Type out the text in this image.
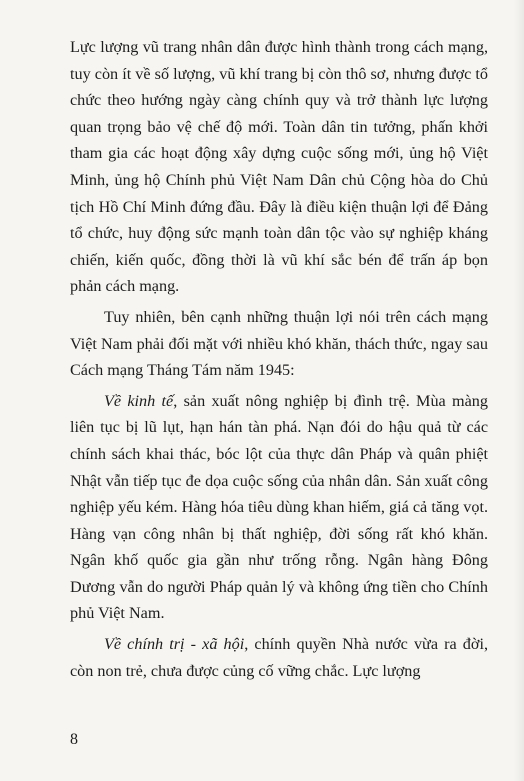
Lực lượng vũ trang nhân dân được hình thành trong cách mạng, tuy còn ít về số lượng, vũ khí trang bị còn thô sơ, nhưng được tổ chức theo hướng ngày càng chính quy và trở thành lực lượng quan trọng bảo vệ chế độ mới. Toàn dân tin tưởng, phấn khởi tham gia các hoạt động xây dựng cuộc sống mới, ủng hộ Việt Minh, ủng hộ Chính phủ Việt Nam Dân chủ Cộng hòa do Chủ tịch Hồ Chí Minh đứng đầu. Đây là điều kiện thuận lợi để Đảng tổ chức, huy động sức mạnh toàn dân tộc vào sự nghiệp kháng chiến, kiến quốc, đồng thời là vũ khí sắc bén để trấn áp bọn phản cách mạng.

Tuy nhiên, bên cạnh những thuận lợi nói trên cách mạng Việt Nam phải đối mặt với nhiều khó khăn, thách thức, ngay sau Cách mạng Tháng Tám năm 1945:

Về kinh tế, sản xuất nông nghiệp bị đình trệ. Mùa màng liên tục bị lũ lụt, hạn hán tàn phá. Nạn đói do hậu quả từ các chính sách khai thác, bóc lột của thực dân Pháp và quân phiệt Nhật vẫn tiếp tục đe dọa cuộc sống của nhân dân. Sản xuất công nghiệp yếu kém. Hàng hóa tiêu dùng khan hiếm, giá cả tăng vọt. Hàng vạn công nhân bị thất nghiệp, đời sống rất khó khăn. Ngân khố quốc gia gần như trống rỗng. Ngân hàng Đông Dương vẫn do người Pháp quản lý và không ứng tiền cho Chính phủ Việt Nam.

Về chính trị - xã hội, chính quyền Nhà nước vừa ra đời, còn non trẻ, chưa được củng cố vững chắc. Lực lượng

8
